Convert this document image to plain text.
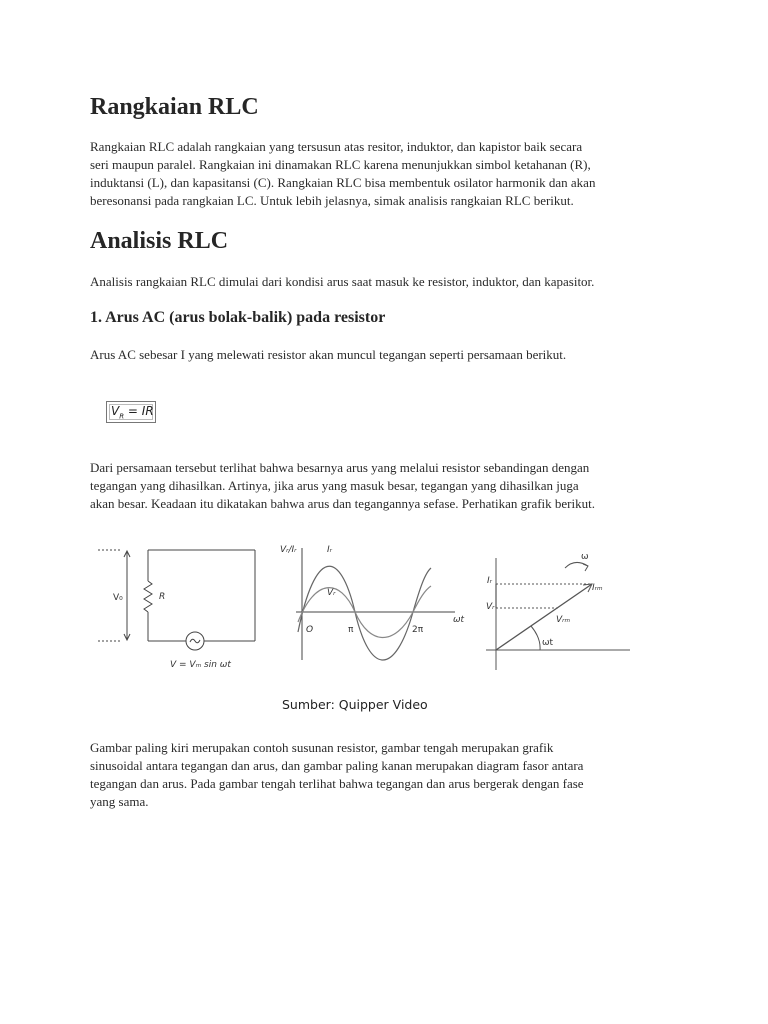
Rangkaian RLC
Rangkaian RLC adalah rangkaian yang tersusun atas resitor, induktor, dan kapistor baik secara
seri maupun paralel. Rangkaian ini dinamakan RLC karena menunjukkan simbol ketahanan (R),
induktansi (L), dan kapasitansi (C). Rangkaian RLC bisa membentuk osilator harmonik dan akan
beresonansi pada rangkaian LC. Untuk lebih jelasnya, simak analisis rangkaian RLC berikut.
Analisis RLC
Analisis rangkaian RLC dimulai dari kondisi arus saat masuk ke resistor, induktor, dan kapasitor.
1. Arus AC (arus bolak-balik) pada resistor
Arus AC sebesar I yang melewati resistor akan muncul tegangan seperti persamaan berikut.
$V_R$ = IR
Dari persamaan tersebut terlihat bahwa besarnya arus yang melalui resistor sebandingan dengan
tegangan yang dihasilkan. Artinya, jika arus yang masuk besar, tegangan yang dihasilkan juga
akan besar. Keadaan itu dikatakan bahwa arus dan tegangannya sefase. Perhatikan grafik berikut.
V₀	R
V = Vₘ sin ωt
Vᵣ/Iᵣ	Iᵣ
Vᵣ
O	π	2π
ωt
Iᵣ
Vᵣ
Iᵣₘ
Vᵣₘ
ωt
ω
Sumber: Quipper Video
Gambar paling kiri merupakan contoh susunan resistor, gambar tengah merupakan grafik
sinusoidal antara tegangan dan arus, dan gambar paling kanan merupakan diagram fasor antara
tegangan dan arus. Pada gambar tengah terlihat bahwa tegangan dan arus bergerak dengan fase
yang sama.
